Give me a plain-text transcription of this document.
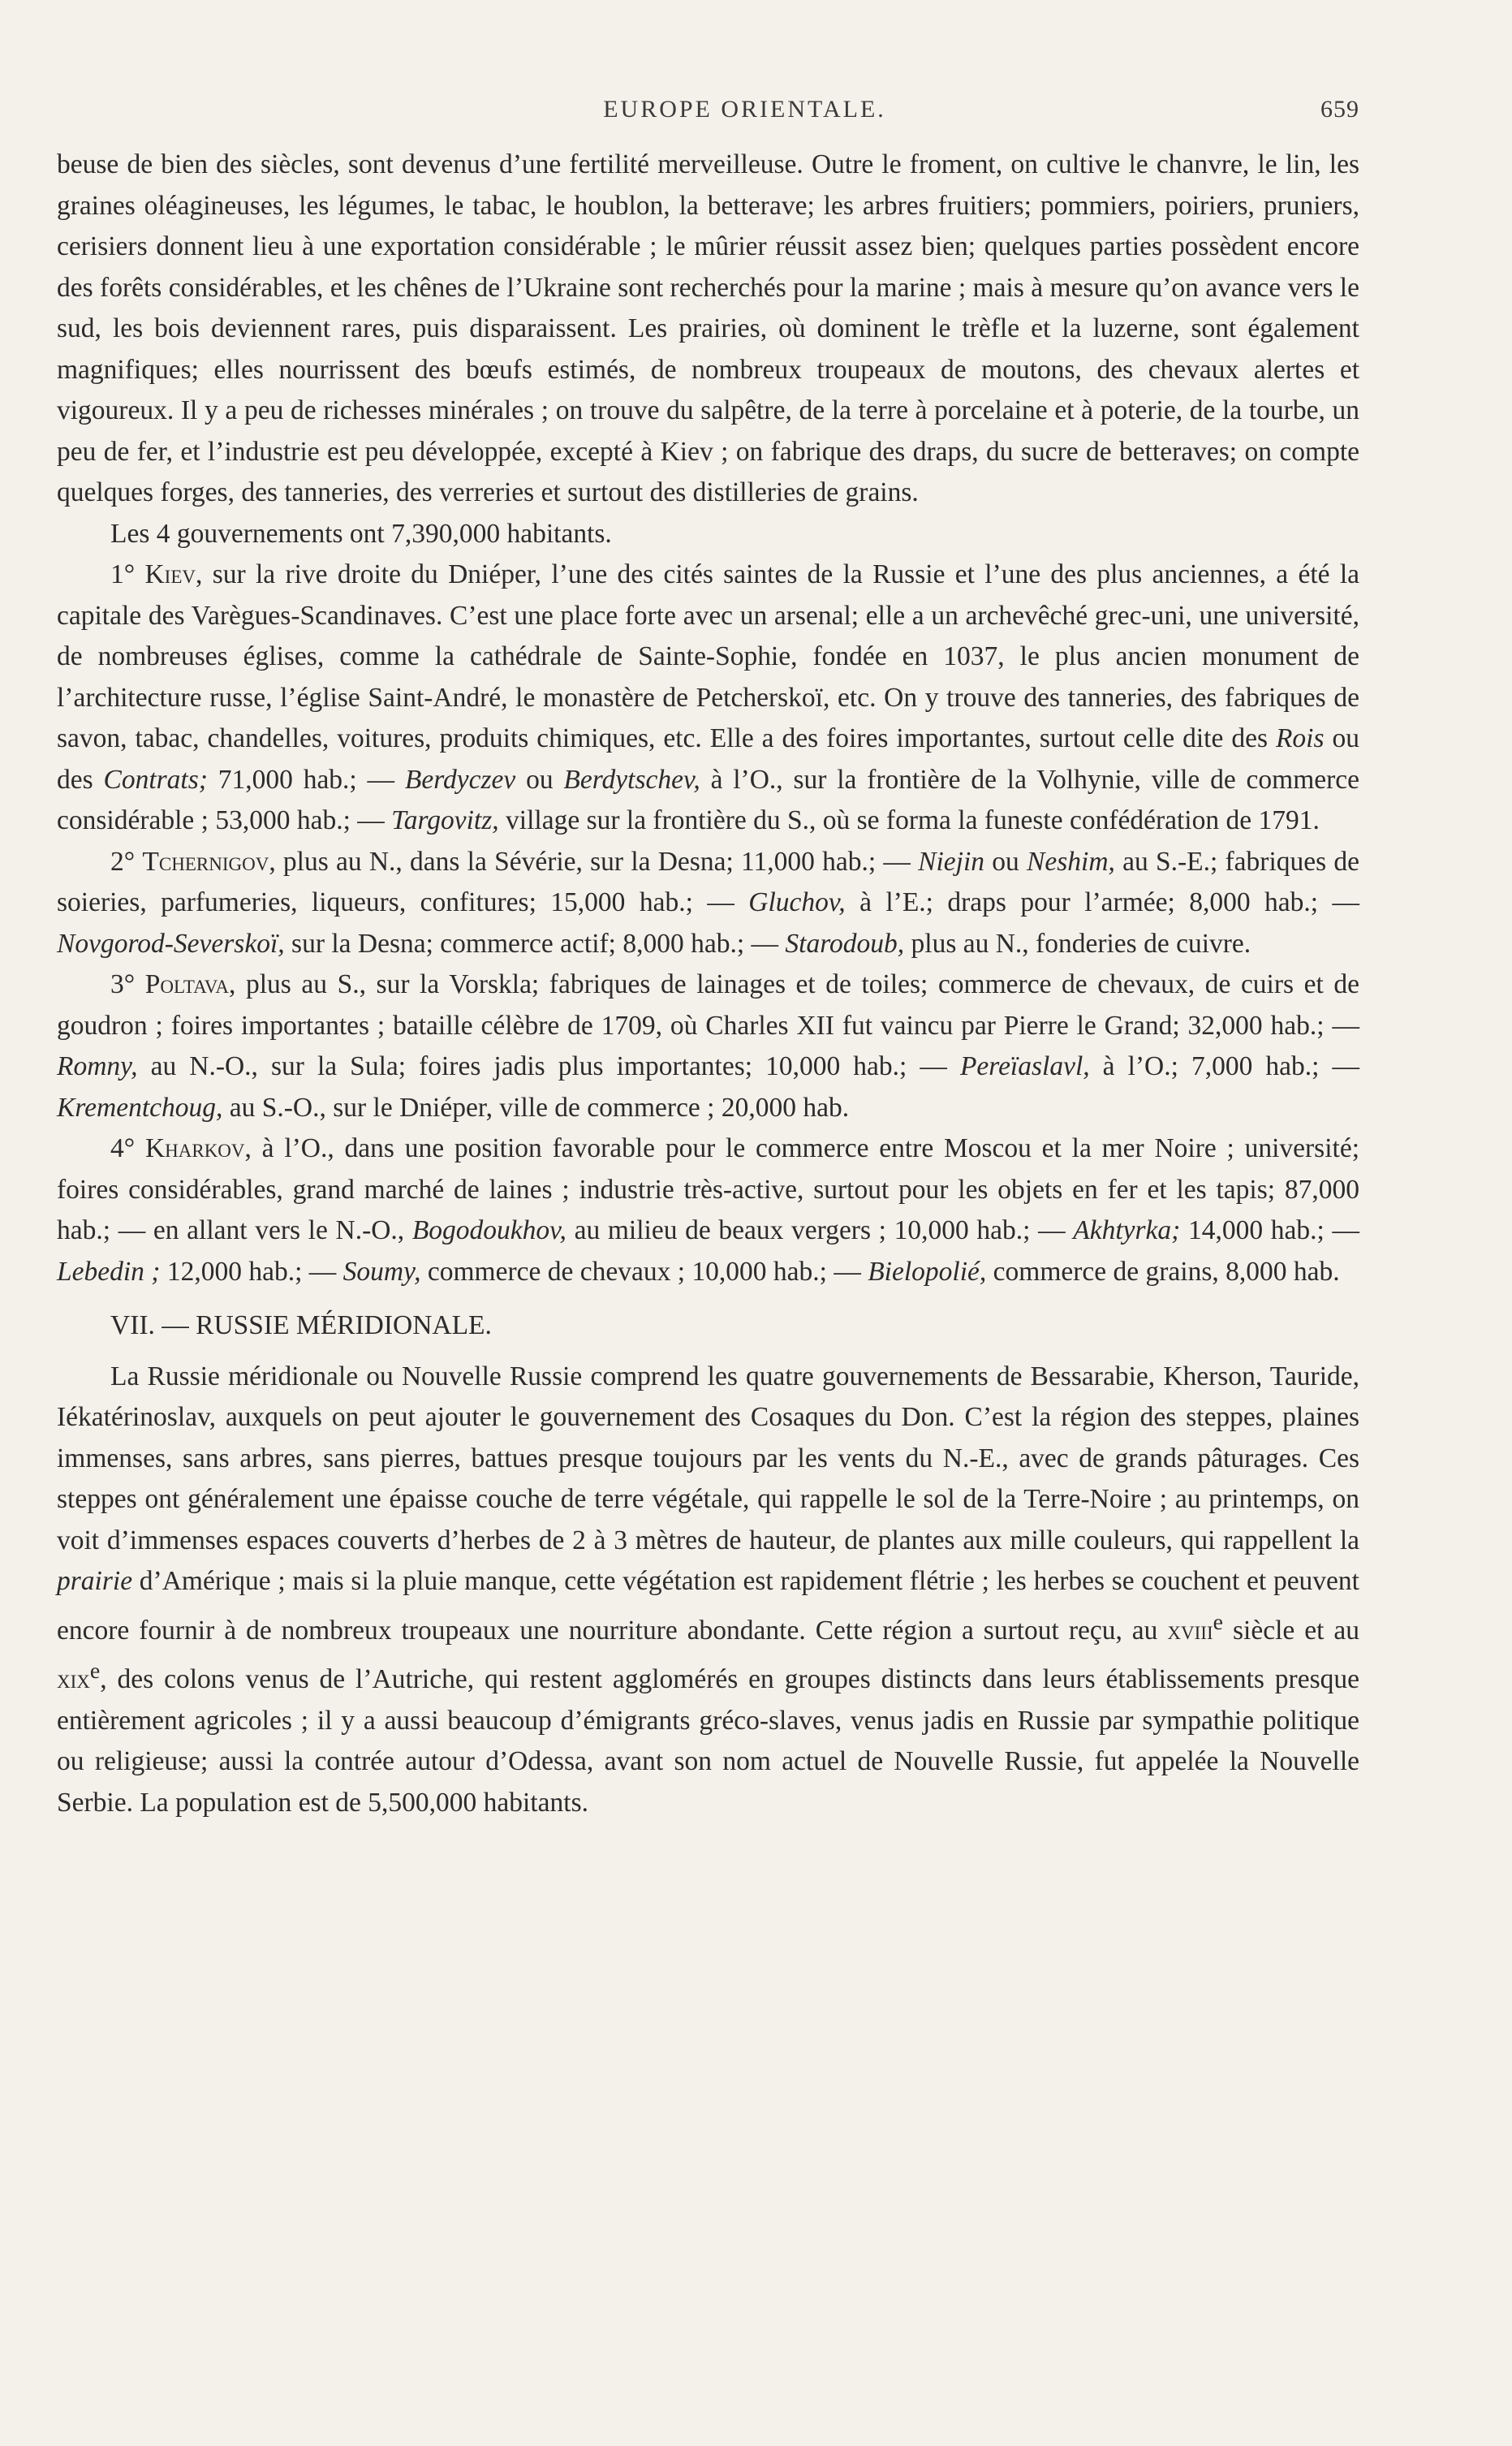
EUROPE ORIENTALE.	659

beuse de bien des siècles, sont devenus d’une fertilité merveilleuse. Outre le froment, on cultive le chanvre, le lin, les graines oléagineuses, les légumes, le tabac, le houblon, la betterave; les arbres fruitiers; pommiers, poiriers, pruniers, cerisiers donnent lieu à une exportation considérable ; le mûrier réussit assez bien; quelques parties possèdent encore des forêts considérables, et les chênes de l’Ukraine sont recherchés pour la marine ; mais à mesure qu’on avance vers le sud, les bois deviennent rares, puis disparaissent. Les prairies, où dominent le trèfle et la luzerne, sont également magnifiques; elles nourrissent des bœufs estimés, de nombreux troupeaux de moutons, des chevaux alertes et vigoureux. Il y a peu de richesses minérales ; on trouve du salpêtre, de la terre à porcelaine et à poterie, de la tourbe, un peu de fer, et l’industrie est peu développée, excepté à Kiev ; on fabrique des draps, du sucre de betteraves; on compte quelques forges, des tanneries, des verreries et surtout des distilleries de grains.

Les 4 gouvernements ont 7,390,000 habitants.

1° Kiev, sur la rive droite du Dniéper, l’une des cités saintes de la Russie et l’une des plus anciennes, a été la capitale des Varègues-Scandinaves. C’est une place forte avec un arsenal; elle a un archevêché grec-uni, une université, de nombreuses églises, comme la cathédrale de Sainte-Sophie, fondée en 1037, le plus ancien monument de l’architecture russe, l’église Saint-André, le monastère de Petcherskoï, etc. On y trouve des tanneries, des fabriques de savon, tabac, chandelles, voitures, produits chimiques, etc. Elle a des foires importantes, surtout celle dite des Rois ou des Contrats; 71,000 hab.; — Berdyczev ou Berdytschev, à l’O., sur la frontière de la Volhynie, ville de commerce considérable ; 53,000 hab.; — Targovitz, village sur la frontière du S., où se forma la funeste confédération de 1791.

2° Tchernigov, plus au N., dans la Sévérie, sur la Desna; 11,000 hab.; — Niejin ou Neshim, au S.-E.; fabriques de soieries, parfumeries, liqueurs, confitures; 15,000 hab.; — Gluchov, à l’E.; draps pour l’armée; 8,000 hab.; — Novgorod-Severskoï, sur la Desna; commerce actif; 8,000 hab.; — Starodoub, plus au N., fonderies de cuivre.

3° Poltava, plus au S., sur la Vorskla; fabriques de lainages et de toiles; commerce de chevaux, de cuirs et de goudron ; foires importantes ; bataille célèbre de 1709, où Charles XII fut vaincu par Pierre le Grand; 32,000 hab.; — Romny, au N.-O., sur la Sula; foires jadis plus importantes; 10,000 hab.; — Pereïaslavl, à l’O.; 7,000 hab.; — Krementchoug, au S.-O., sur le Dniéper, ville de commerce ; 20,000 hab.

4° Kharkov, à l’O., dans une position favorable pour le commerce entre Moscou et la mer Noire ; université; foires considérables, grand marché de laines ; industrie très-active, surtout pour les objets en fer et les tapis; 87,000 hab.; — en allant vers le N.-O., Bogodoukhov, au milieu de beaux vergers ; 10,000 hab.; — Akhtyrka; 14,000 hab.; — Lebedin ; 12,000 hab.; — Soumy, commerce de chevaux ; 10,000 hab.; — Bielopolié, commerce de grains, 8,000 hab.

VII. — RUSSIE MÉRIDIONALE.

La Russie méridionale ou Nouvelle Russie comprend les quatre gouvernements de Bessarabie, Kherson, Tauride, Iékatérinoslav, auxquels on peut ajouter le gouvernement des Cosaques du Don. C’est la région des steppes, plaines immenses, sans arbres, sans pierres, battues presque toujours par les vents du N.-E., avec de grands pâturages. Ces steppes ont généralement une épaisse couche de terre végétale, qui rappelle le sol de la Terre-Noire ; au printemps, on voit d’immenses espaces couverts d’herbes de 2 à 3 mètres de hauteur, de plantes aux mille couleurs, qui rappellent la prairie d’Amérique ; mais si la pluie manque, cette végétation est rapidement flétrie ; les herbes se couchent et peuvent encore fournir à de nombreux troupeaux une nourriture abondante. Cette région a surtout reçu, au xviii$^e$ siècle et au xix$^e$, des colons venus de l’Autriche, qui restent agglomérés en groupes distincts dans leurs établissements presque entièrement agricoles ; il y a aussi beaucoup d’émigrants gréco-slaves, venus jadis en Russie par sympathie politique ou religieuse; aussi la contrée autour d’Odessa, avant son nom actuel de Nouvelle Russie, fut appelée la Nouvelle Serbie. La population est de 5,500,000 habitants.
